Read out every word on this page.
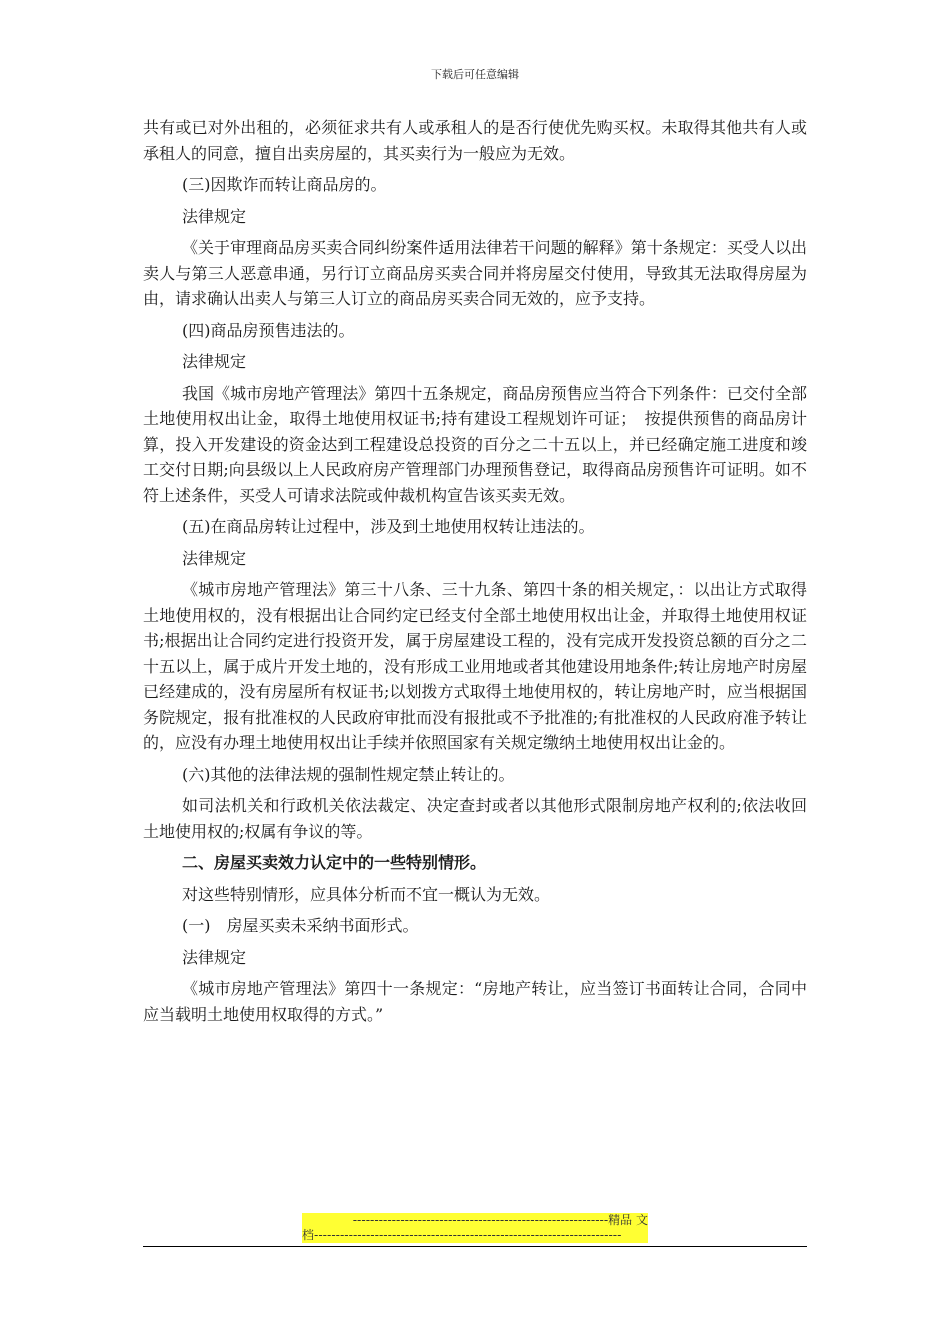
下载后可任意编辑

共有或已对外出租的，必须征求共有人或承租人的是否行使优先购买权。未取得其他共有人或承租人的同意，擅自出卖房屋的，其买卖行为一般应为无效。

(三)因欺诈而转让商品房的。

法律规定

《关于审理商品房买卖合同纠纷案件适用法律若干问题的解释》第十条规定：买受人以出卖人与第三人恶意串通，另行订立商品房买卖合同并将房屋交付使用，导致其无法取得房屋为由，请求确认出卖人与第三人订立的商品房买卖合同无效的，应予支持。

(四)商品房预售违法的。

法律规定

我国《城市房地产管理法》第四十五条规定，商品房预售应当符合下列条件：已交付全部土地使用权出让金，取得土地使用权证书;持有建设工程规划许可证；　按提供预售的商品房计算，投入开发建设的资金达到工程建设总投资的百分之二十五以上，并已经确定施工进度和竣工交付日期;向县级以上人民政府房产管理部门办理预售登记，取得商品房预售许可证明。如不符上述条件，买受人可请求法院或仲裁机构宣告该买卖无效。

(五)在商品房转让过程中，涉及到土地使用权转让违法的。

法律规定

《城市房地产管理法》第三十八条、三十九条、第四十条的相关规定，：以出让方式取得土地使用权的，没有根据出让合同约定已经支付全部土地使用权出让金，并取得土地使用权证书;根据出让合同约定进行投资开发，属于房屋建设工程的，没有完成开发投资总额的百分之二十五以上，属于成片开发土地的，没有形成工业用地或者其他建设用地条件;转让房地产时房屋已经建成的，没有房屋所有权证书;以划拨方式取得土地使用权的，转让房地产时，应当根据国务院规定，报有批准权的人民政府审批而没有报批或不予批准的;有批准权的人民政府准予转让的，应没有办理土地使用权出让手续并依照国家有关规定缴纳土地使用权出让金的。

(六)其他的法律法规的强制性规定禁止转让的。

如司法机关和行政机关依法裁定、决定查封或者以其他形式限制房地产权利的;依法收回土地使用权的;权属有争议的等。

二、房屋买卖效力认定中的一些特别情形。

对这些特别情形，应具体分析而不宜一概认为无效。

(一)　房屋买卖未采纳书面形式。

法律规定

《城市房地产管理法》第四十一条规定：“房地产转让，应当签订书面转让合同，合同中应当载明土地使用权取得的方式。”

-----------------------------------------------------------精品 文
档-----------------------------------------------------------------------
